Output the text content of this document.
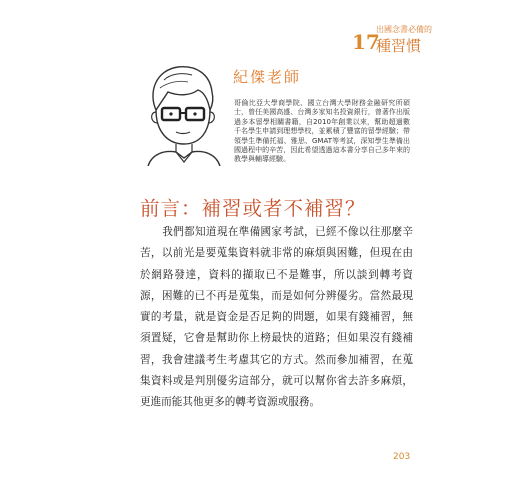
出國念書必備的
17
種習慣
紀傑老師
哥倫比亞大學商學院、國立台灣大學財務金融研究所碩士，曾任美國高盛、台灣多家知名投資銀行，曾著作出版過多本留學相關書籍，自2010年創業以來，幫助超過數千名學生申請到理想學校，並累積了豐富的留學經驗；帶領學生準備托福、雅思、GMAT等考試，深知學生準備出國過程中的辛苦，因此希望透過這本書分享自己多年來的教學與輔導經驗。
前言：補習或者不補習？

我們都知道現在準備國家考試，已經不像以往那麼辛苦，以前光是要蒐集資料就非常的麻煩與困難，但現在由於網路發達，資料的擷取已不是難事，所以談到轉考資源，困難的已不再是蒐集，而是如何分辨優劣。當然最現實的考量，就是資金是否足夠的問題，如果有錢補習，無須置疑，它會是幫助你上榜最快的道路；但如果沒有錢補習，我會建議考生考慮其它的方式。然而參加補習，在蒐集資料或是判別優劣這部分，就可以幫你省去許多麻煩，更進而能其他更多的轉考資源或服務。

203
